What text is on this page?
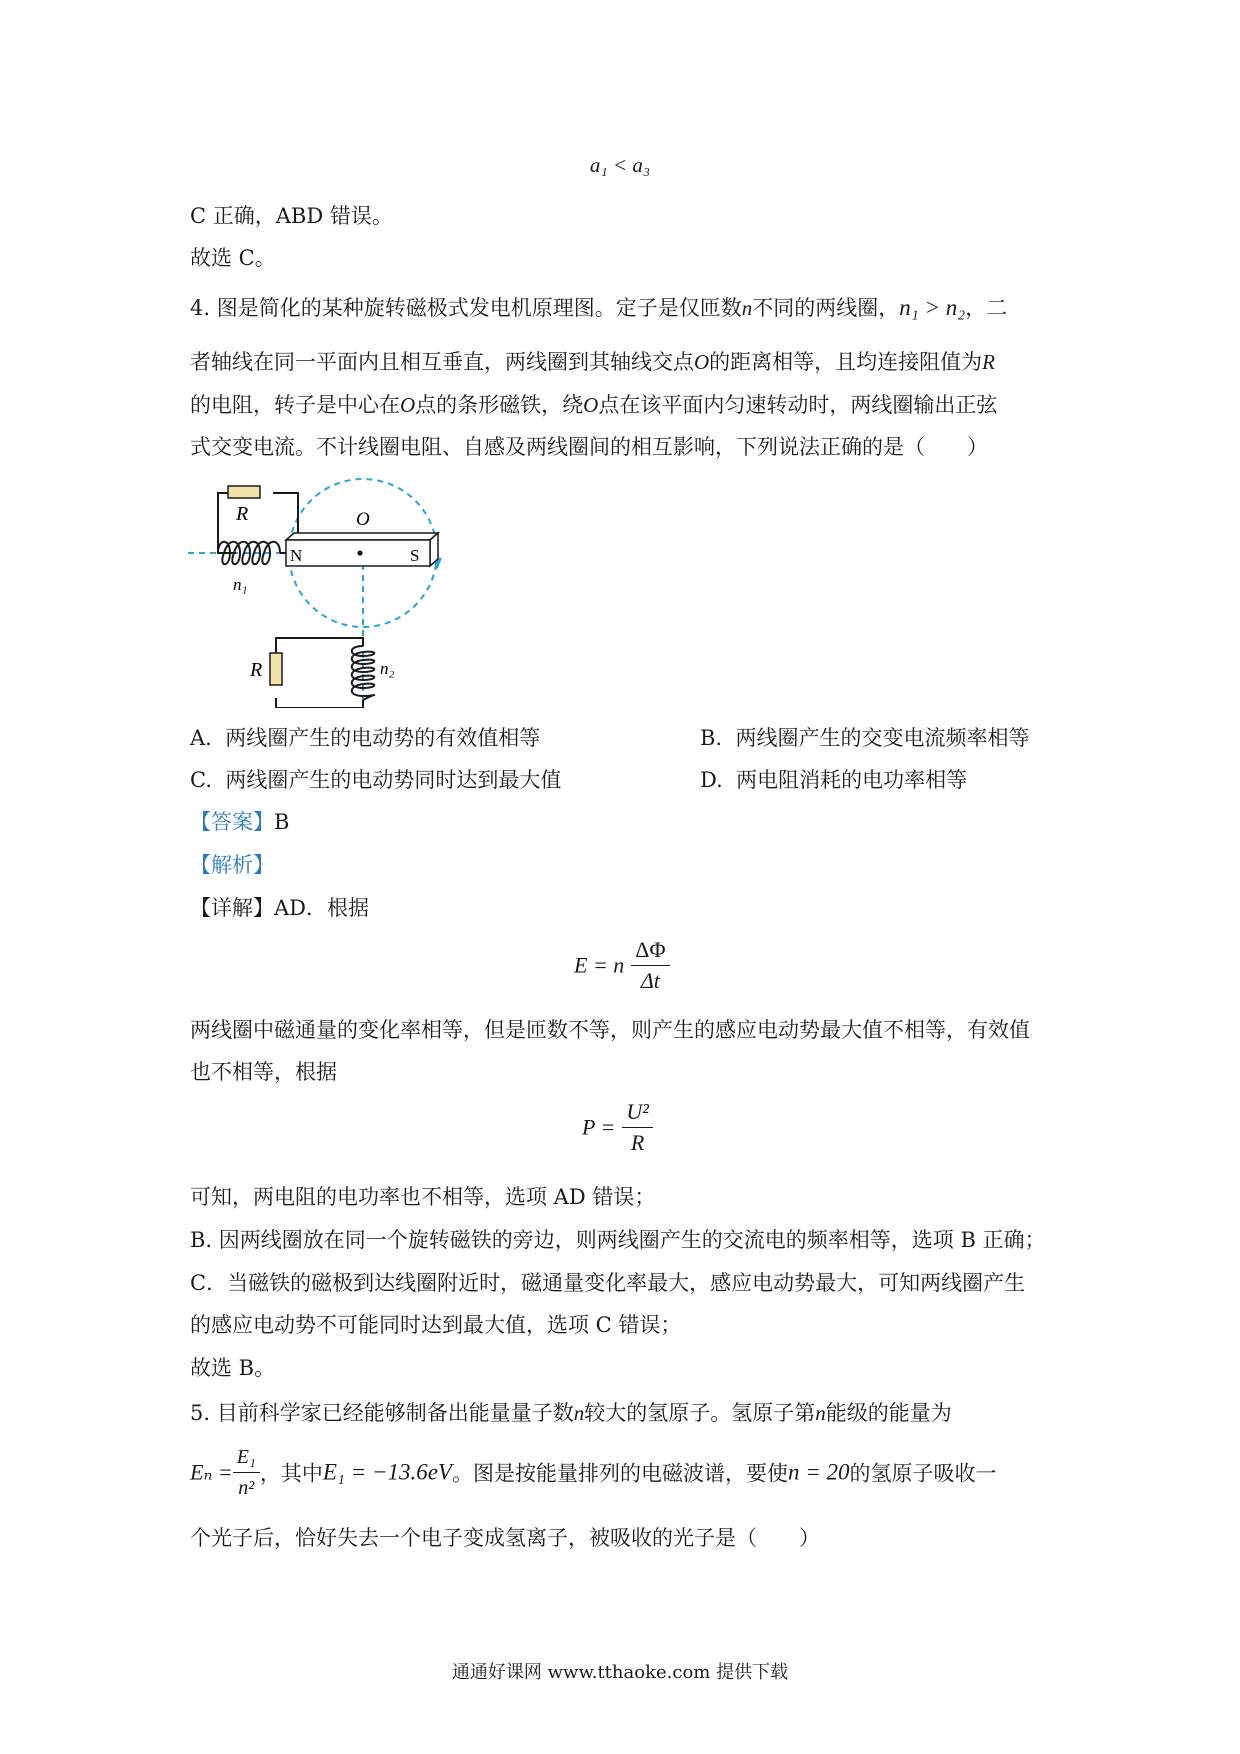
a₁ < a₃
C 正确，ABD 错误。
故选 C。
4. 图是简化的某种旋转磁极式发电机原理图。定子是仅匝数n不同的两线圈，n₁ > n₂，二
者轴线在同一平面内且相互垂直，两线圈到其轴线交点O的距离相等，且均连接阻值为R
的电阻，转子是中心在O点的条形磁铁，绕O点在该平面内匀速转动时，两线圈输出正弦
式交变电流。不计线圈电阻、自感及两线圈间的相互影响，下列说法正确的是（　　）
R
n₁
N	S
O
R	n₂
A. 两线圈产生的电动势的有效值相等	B. 两线圈产生的交变电流频率相等
C. 两线圈产生的电动势同时达到最大值	D. 两电阻消耗的电功率相等
【答案】B
【解析】
【详解】AD．根据
E = n $\frac{\Delta\Phi}{\Delta t}$
两线圈中磁通量的变化率相等，但是匝数不等，则产生的感应电动势最大值不相等，有效值
也不相等，根据
$P = \frac{\text{U²}}{R}$
可知，两电阻的电功率也不相等，选项 AD 错误；
B. 因两线圈放在同一个旋转磁铁的旁边，则两线圈产生的交流电的频率相等，选项 B 正确；
C．当磁铁的磁极到达线圈附近时，磁通量变化率最大，感应电动势最大，可知两线圈产生
的感应电动势不可能同时达到最大值，选项 C 错误；
故选 B。
5. 目前科学家已经能够制备出能量量子数n较大的氢原子。氢原子第n能级的能量为
$E_n = \frac{\text{E₁}}{\text{n²}}$ ，其中E₁ = −13.6eV。图是按能量排列的电磁波谱，要使n = 20的氢原子吸收一
个光子后，恰好失去一个电子变成氢离子，被吸收的光子是（　　）
通通好课网 www.tthaoke.com 提供下载
